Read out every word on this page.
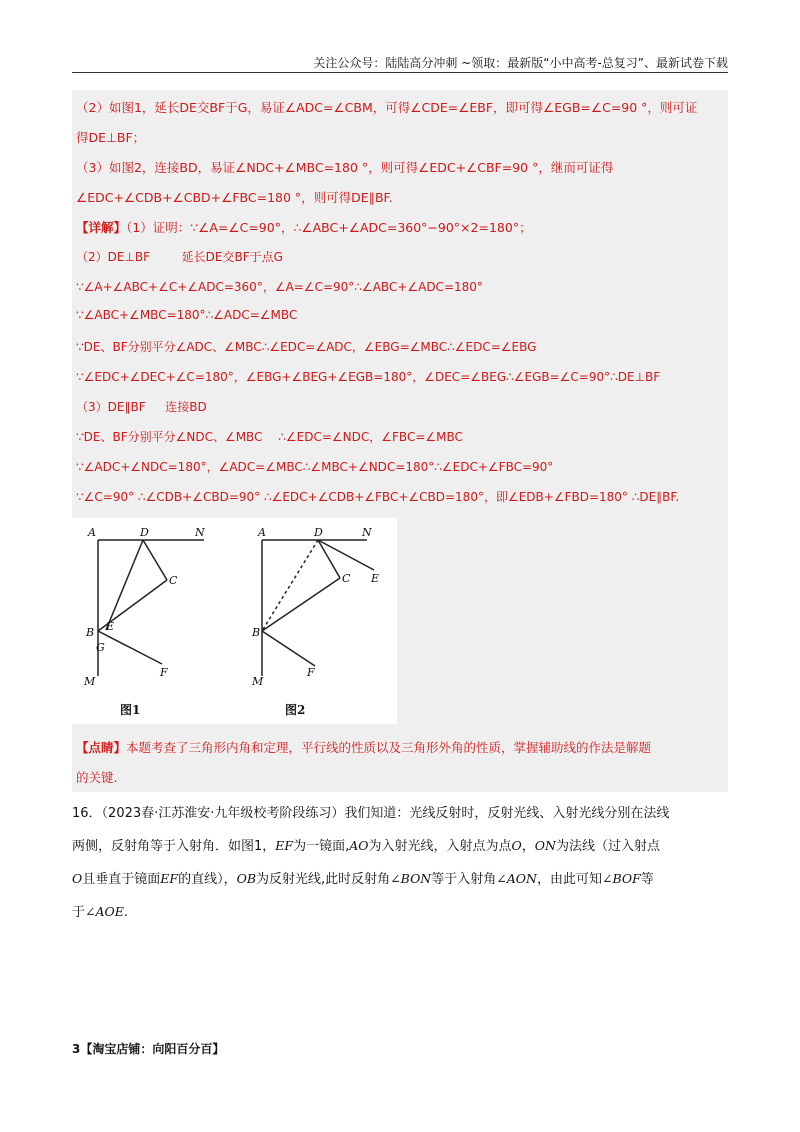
关注公众号：陆陆高分冲刺 ~领取：最新版“小中高考-总复习”、最新试卷下载
（2）如图1，延长DE交BF于G，易证∠ADC=∠CBM，可得∠CDE=∠EBF，即可得∠EGB=∠C=90 °，则可证
得DE⊥BF；
（3）如图2，连接BD，易证∠NDC+∠MBC=180 °，则可得∠EDC+∠CBF=90 °，继而可证得
∠EDC+∠CDB+∠CBD+∠FBC=180 °，则可得DE∥BF.
【详解】（1）证明：∵∠A=∠C=90°，∴∠ABC+∠ADC=360°−90°×2=180°；
（2）DE⊥BF 　　 延长DE交BF于点G
∵∠A+∠ABC+∠C+∠ADC=360°，∠A=∠C=90°∴∠ABC+∠ADC=180°
∵∠ABC+∠MBC=180°∴∠ADC=∠MBC
∵DE、BF分别平分∠ADC、∠MBC∴∠EDC=∠ADC，∠EBG=∠MBC∴∠EDC=∠EBG
∵∠EDC+∠DEC+∠C=180°，∠EBG+∠BEG+∠EGB=180°，∠DEC=∠BEG∴∠EGB=∠C=90°∴DE⊥BF
（3）DE∥BF 　 连接BD
∵DE、BF分别平分∠NDC、∠MBC 　∴∠EDC=∠NDC，∠FBC=∠MBC
∵∠ADC+∠NDC=180°，∠ADC=∠MBC∴∠MBC+∠NDC=180°∴∠EDC+∠FBC=90°
∵∠C=90° ∴∠CDB+∠CBD=90° ∴∠EDC+∠CDB+∠FBC+∠CBD=180°，即∠EDB+∠FBD=180° ∴DE∥BF.
A	D	N
C
B E
G
F
M
A	D	N
C E
B
F
M
图1	图2
【点睛】本题考查了三角形内角和定理，平行线的性质以及三角形外角的性质，掌握辅助线的作法是解题
的关键.
16．（2023春·江苏淮安·九年级校考阶段练习）我们知道：光线反射时，反射光线、入射光线分别在法线
两侧，反射角等于入射角．如图1，EF为一镜面,AO为入射光线，入射点为点O，ON为法线（过入射点
O且垂直于镜面EF的直线），OB为反射光线,此时反射角∠BON等于入射角∠AON，由此可知∠BOF等
于∠AOE.
3【淘宝店铺：向阳百分百】
